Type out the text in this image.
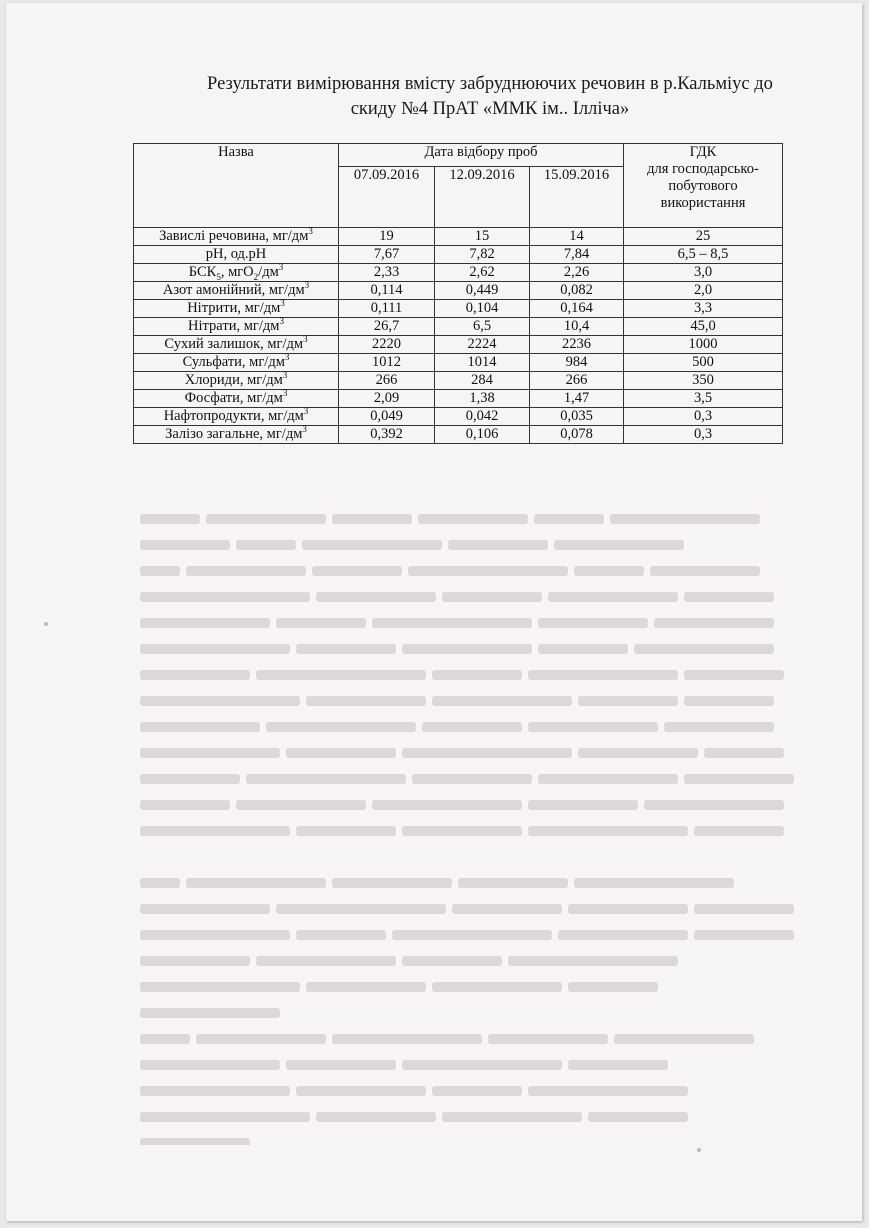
Результати вимірювання вмісту забруднюючих речовин в р.Кальміус до
скиду №4 ПрАТ «ММК ім.. Ілліча»
Назва	Дата відбору проб			ГДК
для господарсько-
побутового
використання

	07.09.2016	12.09.2016	15.09.2016	
Завислі речовина, $мг/дм^3$	19	15	14	25
pH, од.pH	7,67	7,82	7,84	6,5 – 8,5
$БСК_5$, $мгО_2/дм^3$	2,33	2,62	2,26	3,0
Азот амонійний, $мг/дм^3$	0,114	0,449	0,082	2,0
Нітрити, $мг/дм^3$	0,111	0,104	0,164	3,3
Нітрати, $мг/дм^3$	26,7	6,5	10,4	45,0
Сухий залишок, $мг/дм^3$	2220	2224	2236	1000
Сульфати, $мг/дм^3$	1012	1014	984	500
Хлориди, $мг/дм^3$	266	284	266	350
Фосфати, $мг/дм^3$	2,09	1,38	1,47	3,5
Нафтопродукти, $мг/дм^3$	0,049	0,042	0,035	0,3
Залізо загальне, $мг/дм^3$	0,392	0,106	0,078	0,3
